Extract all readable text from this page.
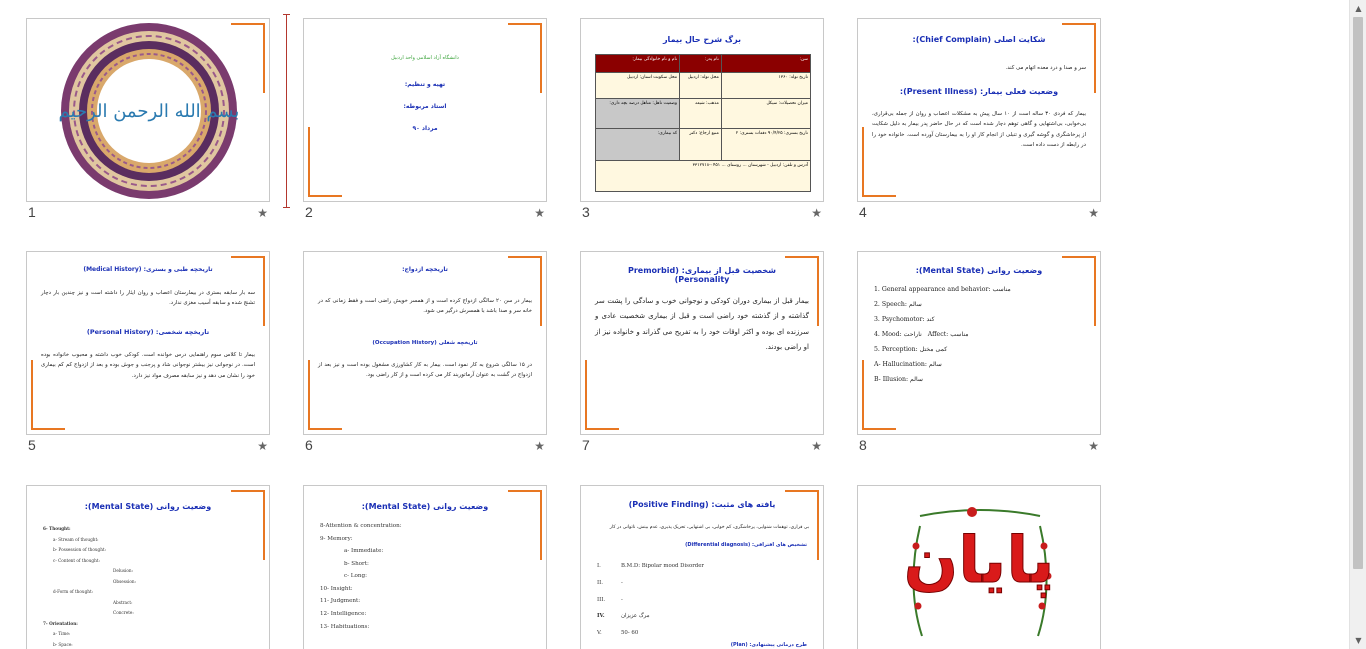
بسم الله الرحمن الرحیم
1	★
دانشگاه آزاد اسلامی واحد اردبیل
تهیه و تنظیم:
استاد مربوطه:
مرداد ۹۰
2	★
برگ شرح حال بیمار
سن:	نام پدر:	نام و نام خانوادگی بیمار:
تاریخ تولد: ۱۳۶۰	محل تولد: اردبیل	محل سکونت استان: اردبیل
میزان تحصیلات: سیکل	مذهب: شیعه	وضعیت تاهل: متاهل درصد بچه داری:
تاریخ بستری: ۹۰/۴/۲۵ دفعات بستری: ۲	منبع ارجاع: دکتر	کد بیماری:
آدرس و تلفن: اردبیل - شهرستان ... روستای ... ۰۴۵۱-۳۳۱۲۷۱۸		
3	★
شکایت اصلی (Chief Complain):
سر و صدا و درد معده اتهام می کند.
وضعیت فعلی بیمار: (Present Illness):
بیمار که فردی ۳۰ ساله است از ۱۰ سال پیش به مشکلات اعصاب و روان از جمله بی‌قراری، بی‌خوابی، بی‌اشتهایی و گاهی توهم دچار شده است که در حال حاضر پدر بیمار به دلیل شکایت از پرخاشگری و گوشه گیری و تنبلی از انجام کار او را به بیمارستان آورده است. خانواده خود را در رابطه از دست داده است.
4	★
تاریخچه طبی و بستری: (Medical History)
سه بار سابقه بستری در بیمارستان اعصاب و روان ایثار را داشته است و نیز چندین بار دچار تشنج شده و سابقه آسیب مغزی ندارد.
تاریخچه شخصی: (Personal History)
بیمار تا کلاس سوم راهنمایی درس خوانده است. کودکی خوب داشته و محبوب خانواده بوده است. در نوجوانی نیز بیشتر نوجوانی شاد و پرجنب و جوش بوده و بعد از ازدواج کم کم بیماری خود را نشان می دهد و نیز سابقه مصرف مواد نیز دارد.
5	★
تاریخچه ازدواج:
بیمار در سن ۲۰ سالگی ازدواج کرده است و از همسر خویش راضی است و فقط زمانی که در خانه سر و صدا باشد با همسرش درگیر می شود.
تاریخچه شغلی (Occupation History)
در ۱۵ سالگی شروع به کار نمود است. بیمار به کار کشاورزی مشغول بوده است و نیز بعد از ازدواج در گشت به عنوان آرماتوربند کار می کرده است و از کار راضی بود.
6	★
شخصیت قبل از بیماری: (Premorbid Personality)
بیمار قبل از بیماری دوران کودکی و نوجوانی خوب و سادگی را پشت سر گذاشته و از گذشته خود راضی است و قبل از بیماری شخصیت عادی و سرزنده ای بوده و اکثر اوقات خود را به تفریح می گذراند و خانواده نیز از او راضی بودند.
7	★
وضعیت روانی (Mental State):
1. General appearance and behavior: مناسب
2. Speech: سالم
3. Psychomotor: کند
4. Mood: ناراحت Affect: مناسب
5. Perception: کمی مختل
A- Hallucination: سالم
B- Illusion: سالم
8	★
وضعیت روانی (Mental State):
6- Thought:
a- Stream of thought:
b- Possession of thought:
c- Content of thought:
Delusion:
Obsession:
d-Form of thought:
Abstract:
Concrete:
7- Orientation:
a- Time:
b- Space:
وضعیت روانی (Mental State):
8-Attention & concentration:
9- Memory:
a- Immediate:
b- Short:
c- Long:
10- Insight:
11- Judgment:
12- Intelligence:
13- Habituations:
یافته های مثبت: (Positive Finding)
بی قراری، توهمات شنوایی، پرخاشگری، کم خوابی، بی اشتهایی، تحریک پذیری، عدم بینش، ناتوانی در کار
تشخیص های افتراقی: (Differential diagnosis)
I.	B.M.D: Bipolar mood Disorder
II.	-
III.	-
IV.	مرگ عزیزان
V.	50- 60
طرح درمانی پیشنهادی: (Plan)
پایان
▲
▼
